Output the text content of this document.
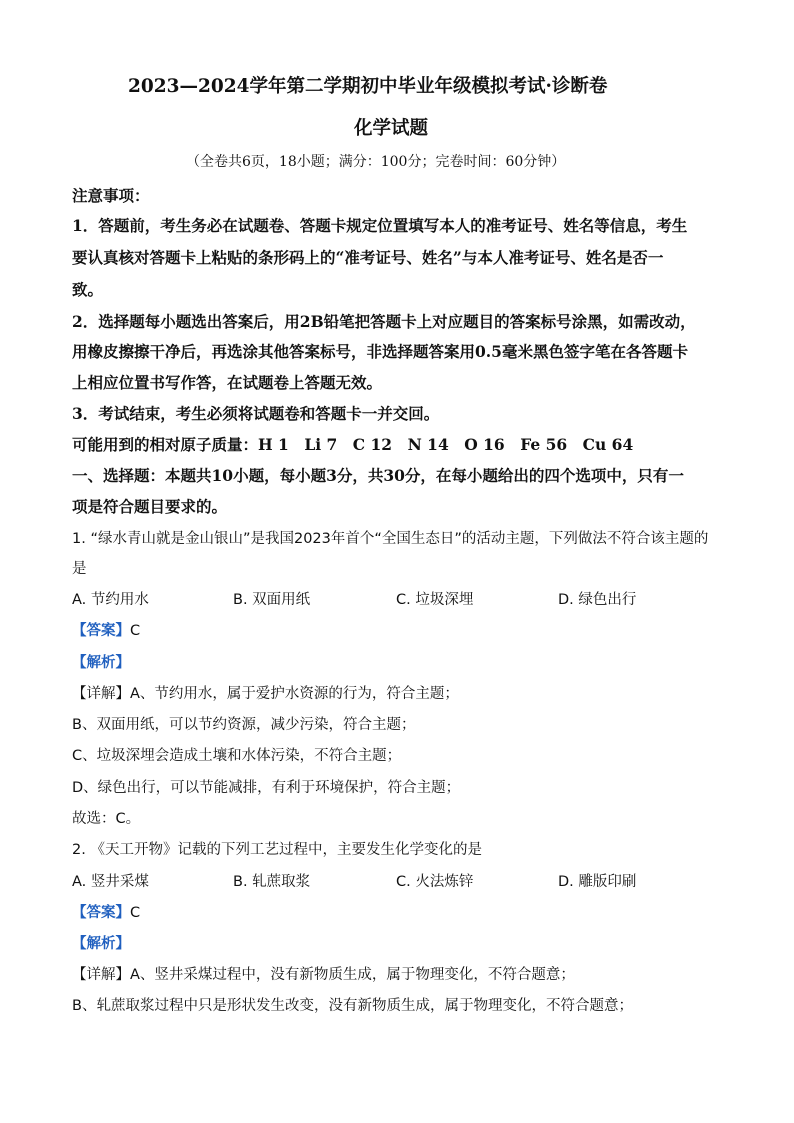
2023—2024学年第二学期初中毕业年级模拟考试·诊断卷
化学试题
（全卷共6页，18小题；满分：100分；完卷时间：60分钟）
注意事项：
1．答题前，考生务必在试题卷、答题卡规定位置填写本人的准考证号、姓名等信息，考生
要认真核对答题卡上粘贴的条形码上的“准考证号、姓名”与本人准考证号、姓名是否一
致。
2．选择题每小题选出答案后，用2B铅笔把答题卡上对应题目的答案标号涂黑，如需改动，
用橡皮擦擦干净后，再选涂其他答案标号，非选择题答案用0.5毫米黑色签字笔在各答题卡
上相应位置书写作答，在试题卷上答题无效。
3．考试结束，考生必须将试题卷和答题卡一并交回。
可能用到的相对原子质量：H 1　Li 7　C 12　N 14　O 16　Fe 56　Cu 64
一、选择题：本题共10小题，每小题3分，共30分，在每小题给出的四个选项中，只有一
项是符合题目要求的。
1. “绿水青山就是金山银山”是我国2023年首个“全国生态日”的活动主题，下列做法不符合该主题的
是
A. 节约用水	B. 双面用纸	C. 垃圾深埋	D. 绿色出行
【答案】C
【解析】
【详解】A、节约用水，属于爱护水资源的行为，符合主题；
B、双面用纸，可以节约资源，减少污染，符合主题；
C、垃圾深埋会造成土壤和水体污染，不符合主题；
D、绿色出行，可以节能减排，有利于环境保护，符合主题；
故选：C。
2. 《天工开物》记载的下列工艺过程中，主要发生化学变化的是
A. 竖井采煤	B. 轧蔗取浆	C. 火法炼锌	D. 雕版印刷
【答案】C
【解析】
【详解】A、竖井采煤过程中，没有新物质生成，属于物理变化，不符合题意；
B、轧蔗取浆过程中只是形状发生改变，没有新物质生成，属于物理变化，不符合题意；
